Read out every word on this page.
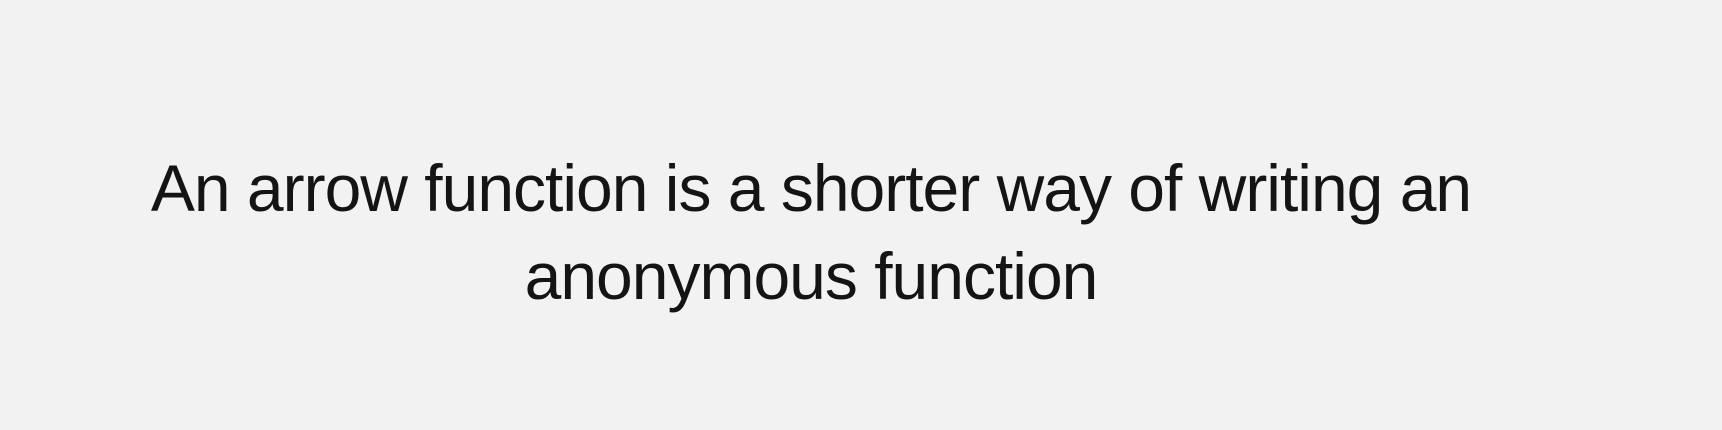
An arrow function is a shorter way of writing an
anonymous function
